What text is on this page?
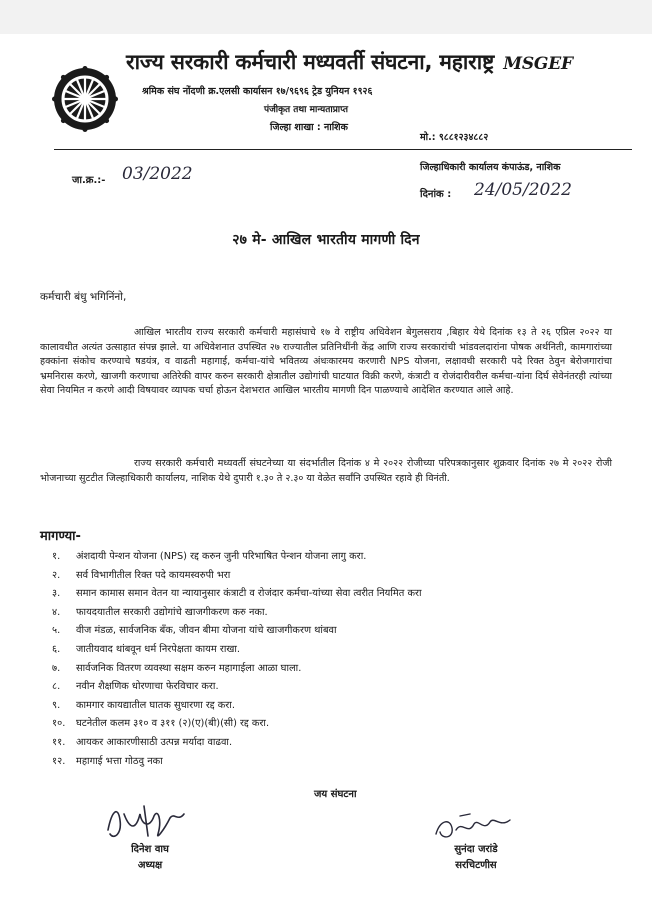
राज्य सरकारी कर्मचारी मध्यवर्ती संघटना, महाराष्ट्र MSGEF
श्रमिक संघ नोंदणी क्र.एलसी कार्यासन १७/९६९६ ट्रेड युनियन १९२६
पंजीकृत तथा मान्यताप्राप्त
जिल्हा शाखा : नाशिक
मो.: ९८८१२३४८८२
जिल्हाधिकारी कार्यालय कंपाऊंड, नाशिक
जा.क्र.:- 03/2022
दिनांक : 24/05/2022
२७ मे- आखिल भारतीय मागणी दिन
कर्मचारी बंधु भगिनिंनो,
आखिल भारतीय राज्य सरकारी कर्मचारी महासंघाचे १७ वे राष्ट्रीय अधिवेशन बेगुलसराय ,बिहार येथे दिनांक १३ ते २६ एप्रिल २०२२ या कालावधीत अत्यंत उत्साहात संपन्न झाले. या अधिवेशनात उपस्थित २७ राज्यातील प्रतिनिधींनी केंद्र आणि राज्य सरकारांची भांडवलदारांना पोषक अर्थनिती, कामगारांच्या हक्कांना संकोच करण्याचे षडयंत्र, व वाढती महागाई, कर्मचा-यांचे भवितव्य अंधःकारमय करणारी NPS योजना, लक्षावधी सरकारी पदे रिक्त ठेवुन बेरोजगारांचा भ्रमनिरास करणे, खाजगी करणाचा अतिरेकी वापर करुन सरकारी क्षेत्रातील उद्योगांची घाटयात विक्री करणे, कंत्राटी व रोजंदारीवरील कर्मचा-यांना दिर्घ सेवेनंतरही त्यांच्या सेवा नियमित न करणे आदी विषयावर व्यापक चर्चा होऊन देशभरात आखिल भारतीय मागणी दिन पाळण्याचे आदेशित करण्यात आले आहे.
राज्य सरकारी कर्मचारी मध्यवर्ती संघटनेच्या या संदर्भातील दिनांक ४ मे २०२२ रोजीच्या परिपत्रकानुसार शुक्रवार दिनांक २७ मे २०२२ रोजी भोजनाच्या सुटटीत जिल्हाधिकारी कार्यालय, नाशिक येथे दुपारी १.३० ते २.३० या वेळेत सर्वांनि उपस्थित रहावे ही विनंती.
मागण्या-
१. अंशदायी पेन्शन योजना (NPS) रद्द करुन जुनी परिभाषित पेन्शन योजना लागु करा.
२. सर्व विभागीतील रिक्त पदे कायमस्वरुपी भरा
३. समान कामास समान वेतन या न्यायानुसार कंत्राटी व रोजंदार कर्मचा-यांच्या सेवा त्वरीत नियमित करा
४. फायदयातील सरकारी उद्योगांचे खाजगीकरण करु नका.
५. वीज मंडळ, सार्वजनिक बँक, जीवन बीमा योजना यांचे खाजगीकरण थांबवा
६. जातीयवाद थांबवून धर्म निरपेक्षता कायम राखा.
७. सार्वजनिक वितरण व्यवस्था सक्षम करुन महागाईला आळा घाला.
८. नवीन शैक्षणिक धोरणाचा फेरविचार करा.
९. कामगार कायद्यातील घातक सुधारणा रद्द करा.
१०. घटनेतील कलम ३१० व ३११ (२)(ए)(बी)(सी) रद्द करा.
११. आयकर आकारणीसाठी उत्पन्न मर्यादा वाढवा.
१२. महागाई भत्ता गोठवु नका
जय संघटना
दिनेश वाघ
अध्यक्ष
सुनंदा जरांडे
सरचिटणीस
